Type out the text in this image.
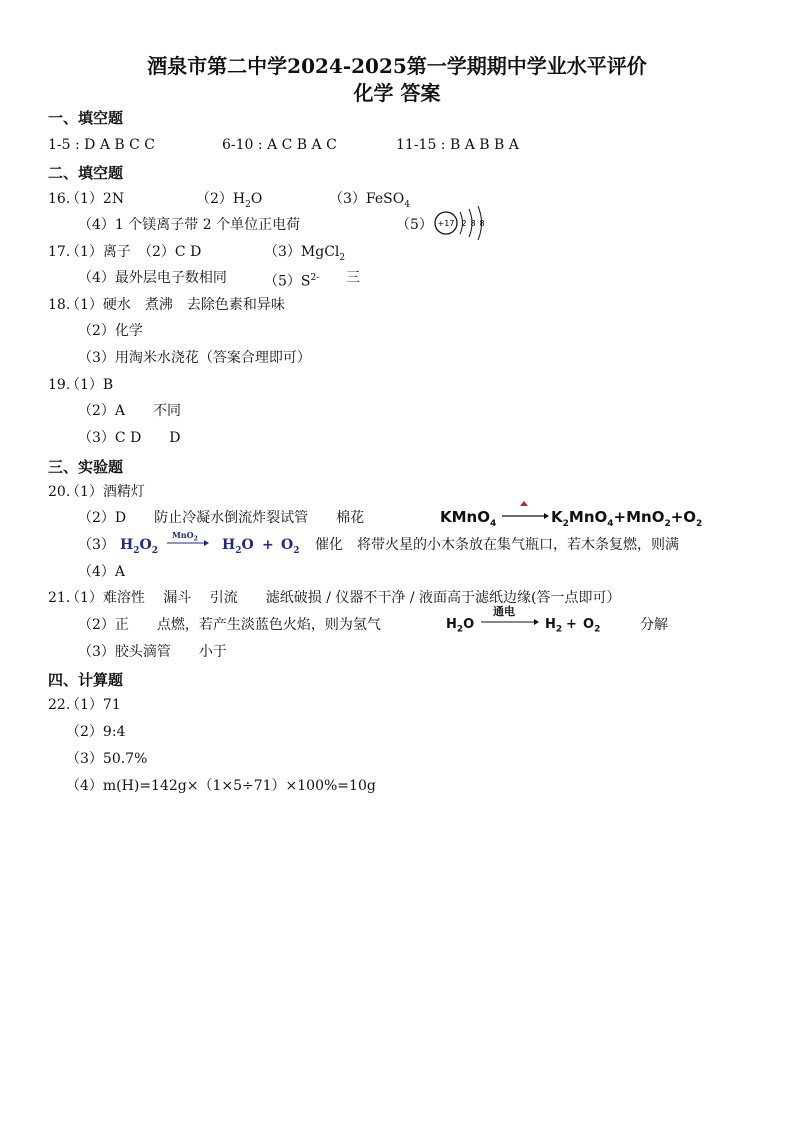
酒泉市第二中学2024-2025第一学期期中学业水平评价
化学 答案
一、填空题
1-5 : D A B C C	6-10 : A C B A C	11-15 : B A B B A
二、填空题
16.
（1）2N	$(2)H_2O$	（3）FeSO$_4$
（4）1 个镁离子带 2 个单位正电荷	（5） +17 2 8 8
17.
（1）离子 （2）C D	（3）MgCl$_2$
（4）最外层电子数相同	$(5)S^{2-}$ 三
18.
（1）硬水　煮沸　去除色素和异味
（2）化学
（3）用淘米水浇花（答案合理即可）
19.
（1）B
（2）A　　不同
（3）C D　　D
三、实验题
20.
（1）酒精灯
（2）D　　防止冷凝水倒流炸裂试管　　棉花	KMnO$_4$	$K_2MnO_4+MnO_2+O_2$
（3） $H_2O_2$
MnO$_2$ $H_2O + O_2$ 催化　将带火星的小木条放在集气瓶口，若木条复燃，则满
（4）A
21.
（1）难溶性　 漏斗　 引流　　滤纸破损 / 仪器不干净 / 液面高于滤纸边缘(答一点即可）
（2）正　　点燃，若产生淡蓝色火焰，则为氢气	$H_2O$
通电
$H_2 + O_2$	分解
（3）胶头滴管　　小于
四、计算题
22.
（1）71
（2）9:4
（3）50.7%
（4）m(H)=142g×（1×5÷71）×100%=10g
